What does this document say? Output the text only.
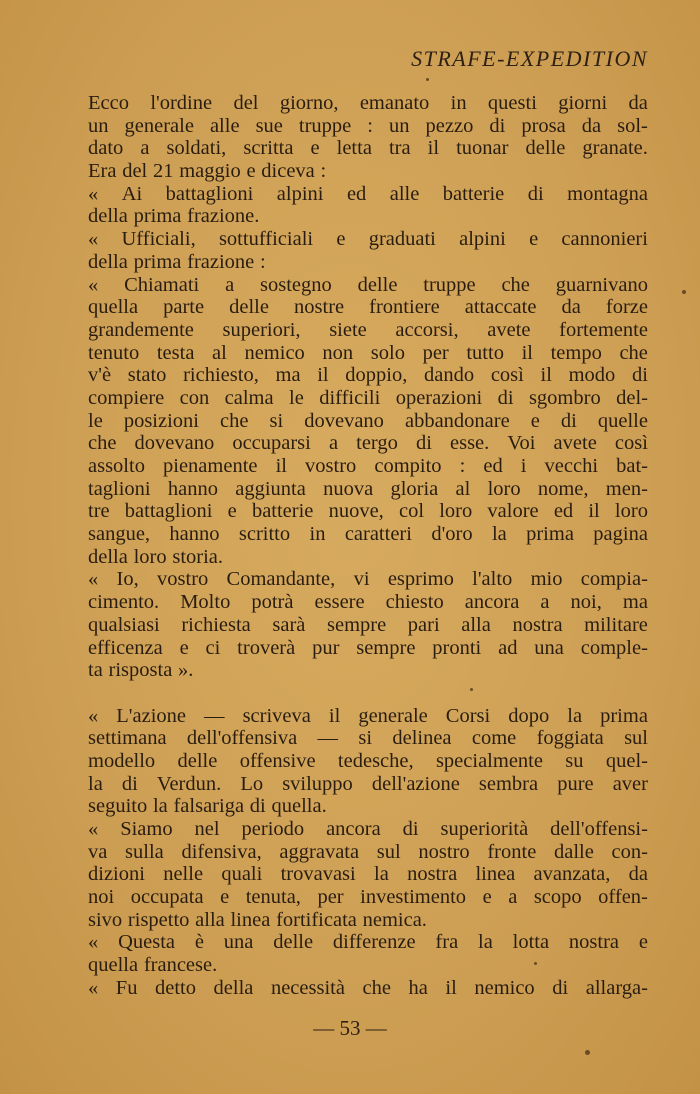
STRAFE-EXPEDITION
Ecco l'ordine del giorno, emanato in questi giorni da
un generale alle sue truppe : un pezzo di prosa da sol-
dato a soldati, scritta e letta tra il tuonar delle granate.
Era del 21 maggio e diceva :
« Ai battaglioni alpini ed alle batterie di montagna
della prima frazione.
« Ufficiali, sottufficiali e graduati alpini e cannonieri
della prima frazione :
« Chiamati a sostegno delle truppe che guarnivano
quella parte delle nostre frontiere attaccate da forze
grandemente superiori, siete accorsi, avete fortemente
tenuto testa al nemico non solo per tutto il tempo che
v'è stato richiesto, ma il doppio, dando così il modo di
compiere con calma le difficili operazioni di sgombro del-
le posizioni che si dovevano abbandonare e di quelle
che dovevano occuparsi a tergo di esse. Voi avete così
assolto pienamente il vostro compito : ed i vecchi bat-
taglioni hanno aggiunta nuova gloria al loro nome, men-
tre battaglioni e batterie nuove, col loro valore ed il loro
sangue, hanno scritto in caratteri d'oro la prima pagina
della loro storia.
« Io, vostro Comandante, vi esprimo l'alto mio compia-
cimento. Molto potrà essere chiesto ancora a noi, ma
qualsiasi richiesta sarà sempre pari alla nostra militare
efficenza e ci troverà pur sempre pronti ad una comple-
ta risposta ».
« L'azione — scriveva il generale Corsi dopo la prima
settimana dell'offensiva — si delinea come foggiata sul
modello delle offensive tedesche, specialmente su quel-
la di Verdun. Lo sviluppo dell'azione sembra pure aver
seguito la falsariga di quella.
« Siamo nel periodo ancora di superiorità dell'offensi-
va sulla difensiva, aggravata sul nostro fronte dalle con-
dizioni nelle quali trovavasi la nostra linea avanzata, da
noi occupata e tenuta, per investimento e a scopo offen-
sivo rispetto alla linea fortificata nemica.
« Questa è una delle differenze fra la lotta nostra e
quella francese.
« Fu detto della necessità che ha il nemico di allarga-
— 53 —
